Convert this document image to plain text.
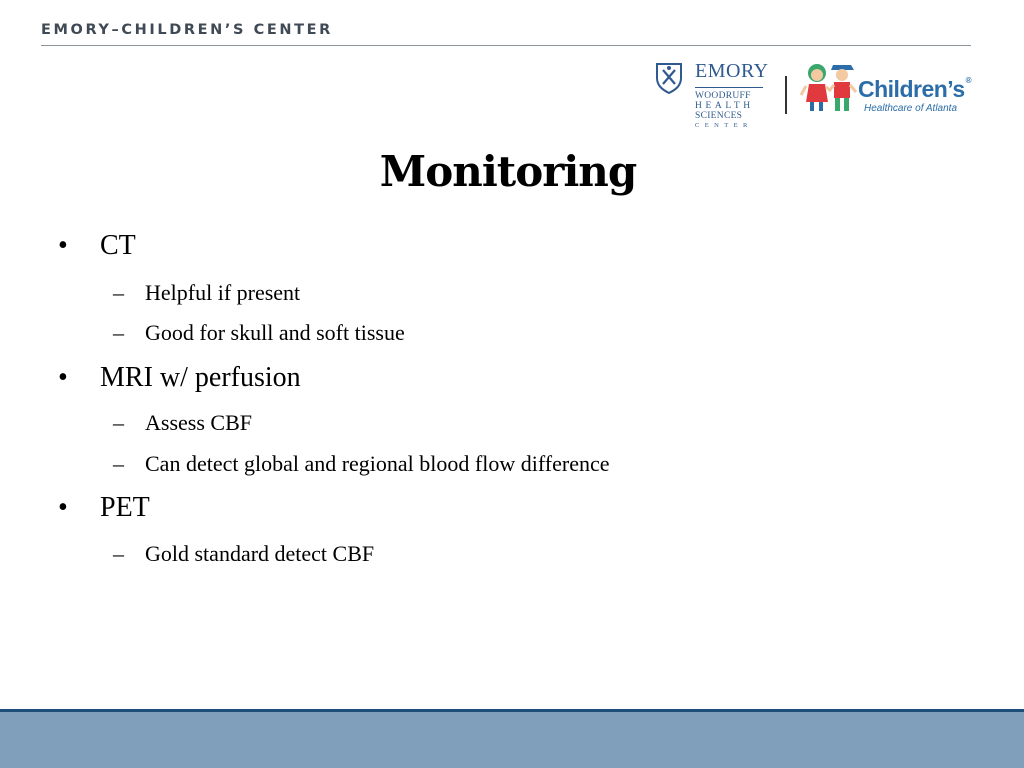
EMORY–CHILDREN’S CENTER
EMORY
WOODRUFF
HEALTH
SCIENCES
CENTER
Children’s®
Healthcare of Atlanta
Monitoring
• CT
– Helpful if present
– Good for skull and soft tissue
• MRI w/ perfusion
– Assess CBF
– Can detect global and regional blood flow difference
• PET
– Gold standard detect CBF
